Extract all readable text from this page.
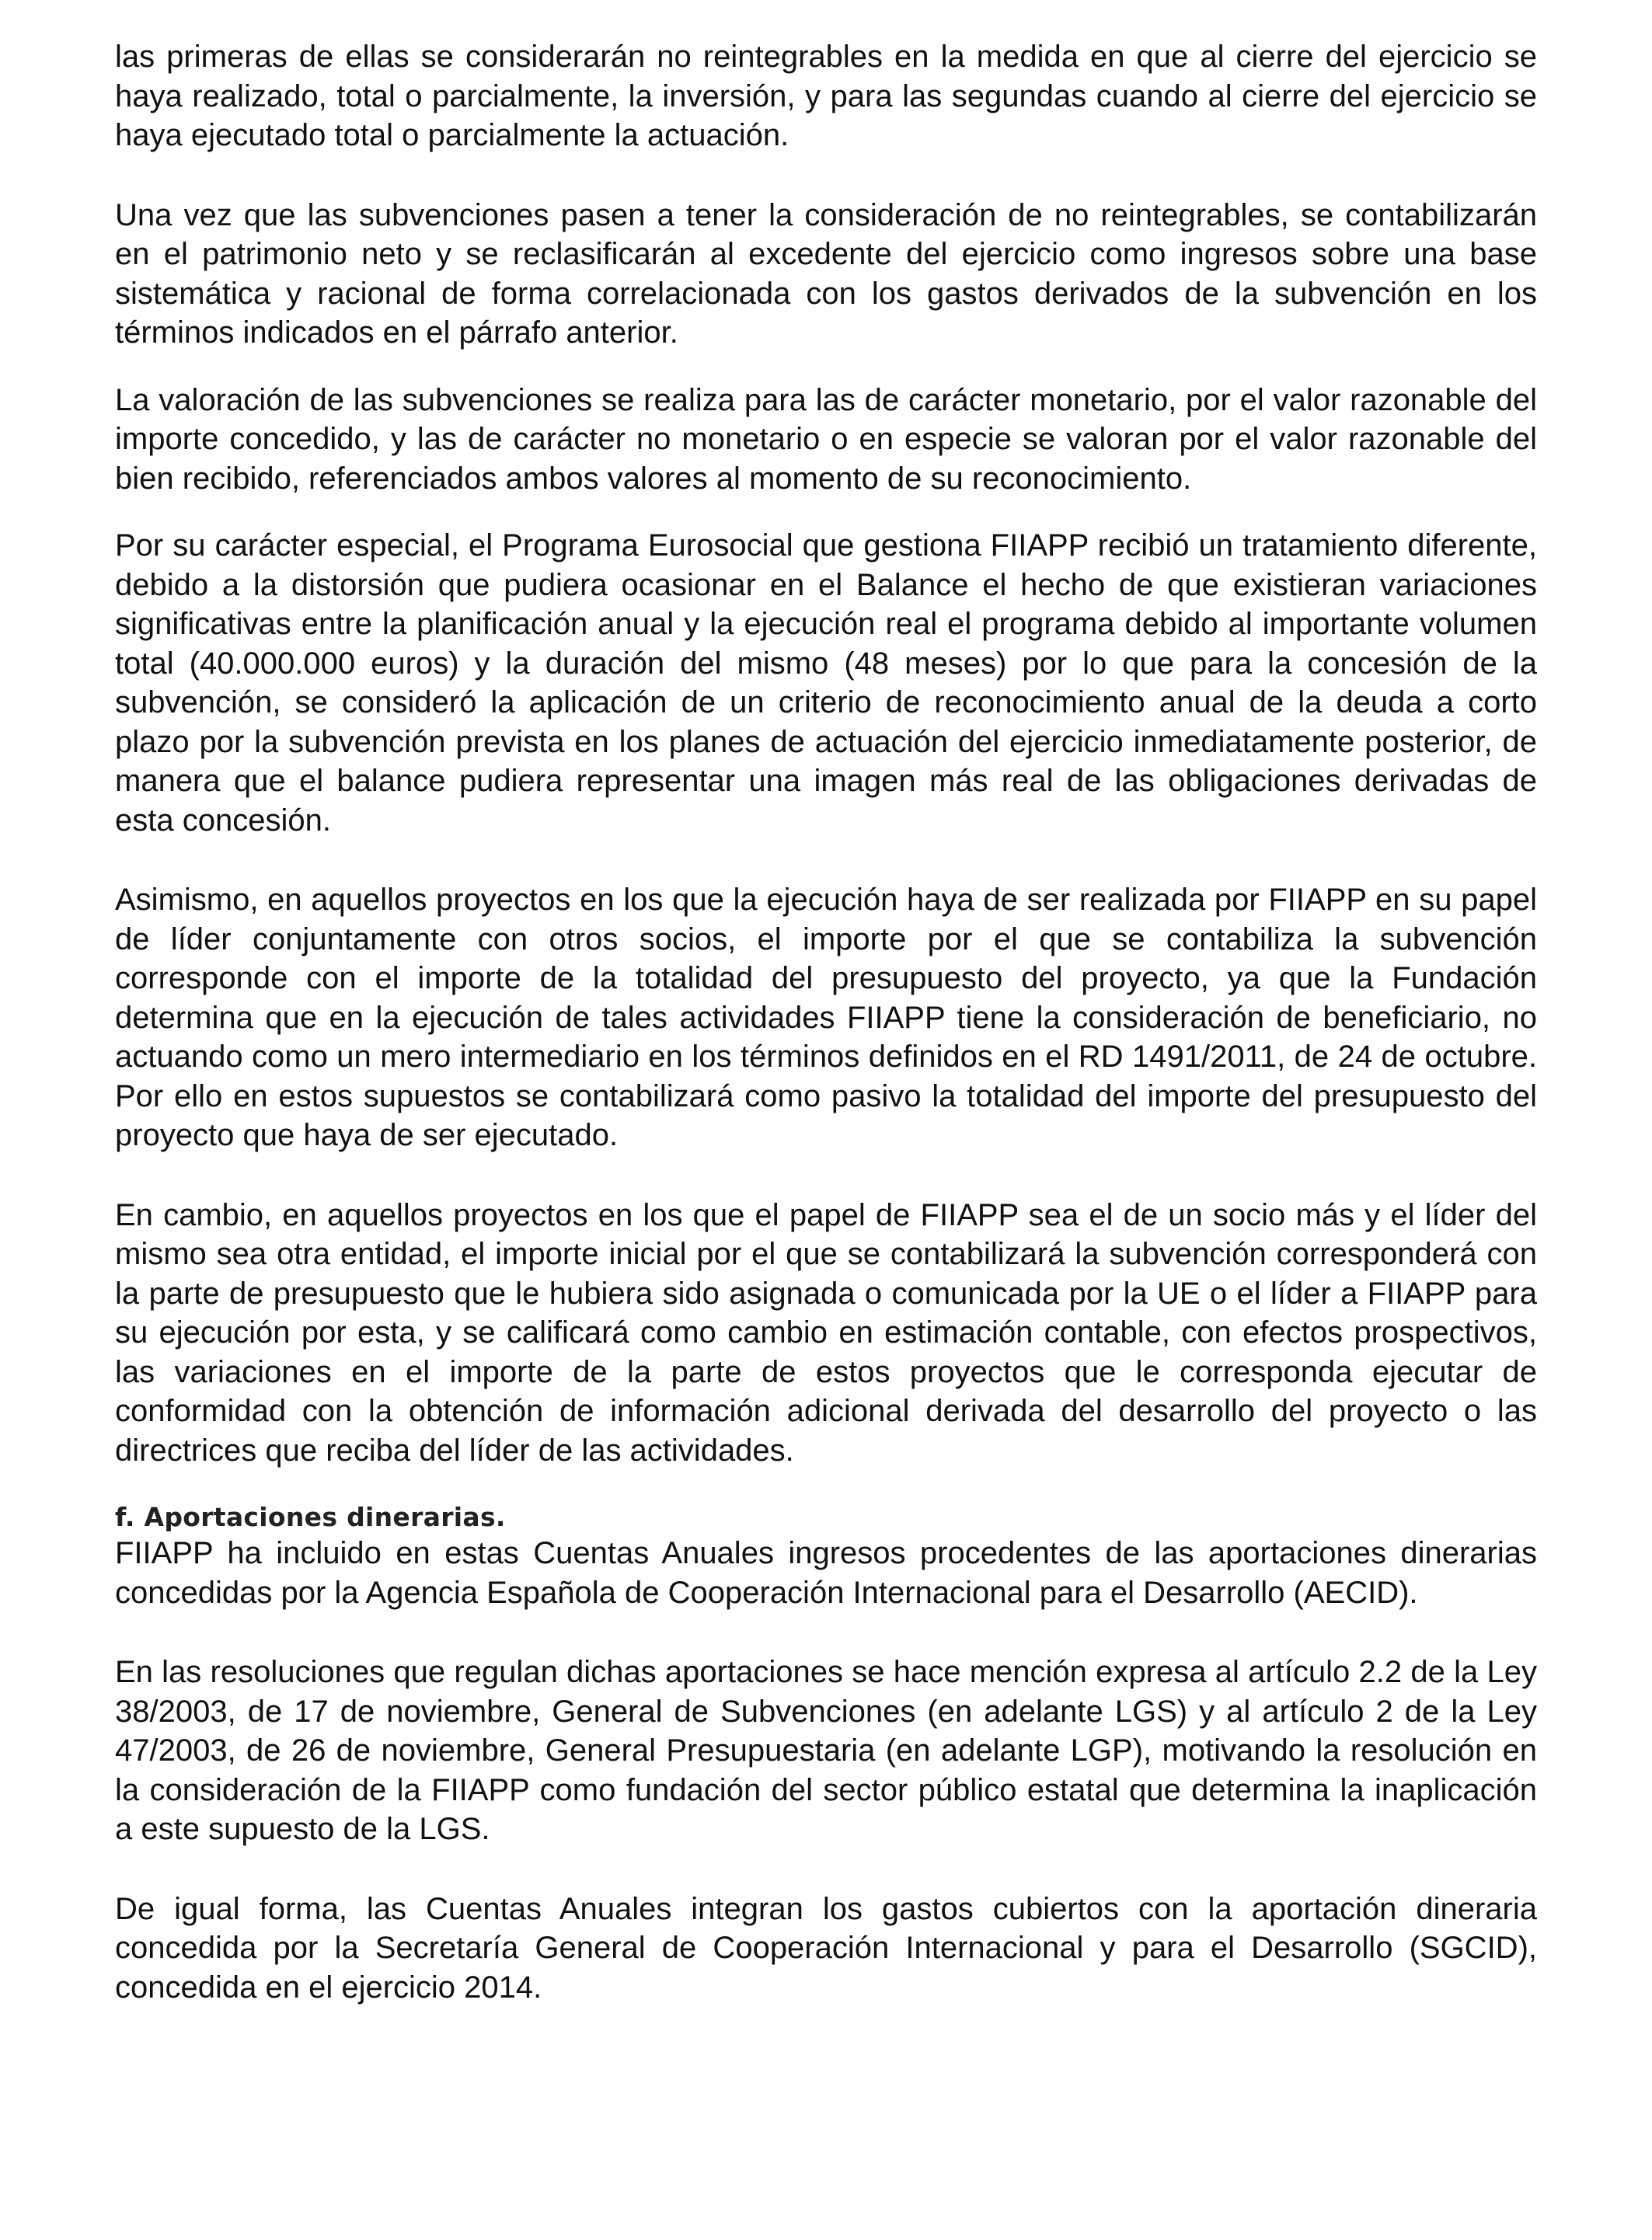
las primeras de ellas se considerarán no reintegrables en la medida en que al cierre del ejercicio se haya realizado, total o parcialmente, la inversión, y para las segundas cuando al cierre del ejercicio se haya ejecutado total o parcialmente la actuación.

Una vez que las subvenciones pasen a tener la consideración de no reintegrables, se contabilizarán en el patrimonio neto y se reclasificarán al excedente del ejercicio como ingresos sobre una base sistemática y racional de forma correlacionada con los gastos derivados de la subvención en los términos indicados en el párrafo anterior.

La valoración de las subvenciones se realiza para las de carácter monetario, por el valor razonable del importe concedido, y las de carácter no monetario o en especie se valoran por el valor razonable del bien recibido, referenciados ambos valores al momento de su reconocimiento.

Por su carácter especial, el Programa Eurosocial que gestiona FIIAPP recibió un tratamiento diferente, debido a la distorsión que pudiera ocasionar en el Balance el hecho de que existieran variaciones significativas entre la planificación anual y la ejecución real el programa debido al importante volumen total (40.000.000 euros) y la duración del mismo (48 meses) por lo que para la concesión de la subvención, se consideró la aplicación de un criterio de reconocimiento anual de la deuda a corto plazo por la subvención prevista en los planes de actuación del ejercicio inmediatamente posterior, de manera que el balance pudiera representar una imagen más real de las obligaciones derivadas de esta concesión.

Asimismo, en aquellos proyectos en los que la ejecución haya de ser realizada por FIIAPP en su papel de líder conjuntamente con otros socios, el importe por el que se contabiliza la subvención corresponde con el importe de la totalidad del presupuesto del proyecto, ya que la Fundación determina que en la ejecución de tales actividades FIIAPP tiene la consideración de beneficiario, no actuando como un mero intermediario en los términos definidos en el RD 1491/2011, de 24 de octubre. Por ello en estos supuestos se contabilizará como pasivo la totalidad del importe del presupuesto del proyecto que haya de ser ejecutado.

En cambio, en aquellos proyectos en los que el papel de FIIAPP sea el de un socio más y el líder del mismo sea otra entidad, el importe inicial por el que se contabilizará la subvención corresponderá con la parte de presupuesto que le hubiera sido asignada o comunicada por la UE o el líder a FIIAPP para su ejecución por esta, y se calificará como cambio en estimación contable, con efectos prospectivos, las variaciones en el importe de la parte de estos proyectos que le corresponda ejecutar de conformidad con la obtención de información adicional derivada del desarrollo del proyecto o las directrices que reciba del líder de las actividades.

f. Aportaciones dinerarias.

FIIAPP ha incluido en estas Cuentas Anuales ingresos procedentes de las aportaciones dinerarias concedidas por la Agencia Española de Cooperación Internacional para el Desarrollo (AECID).

En las resoluciones que regulan dichas aportaciones se hace mención expresa al artículo 2.2 de la Ley 38/2003, de 17 de noviembre, General de Subvenciones (en adelante LGS) y al artículo 2 de la Ley 47/2003, de 26 de noviembre, General Presupuestaria (en adelante LGP), motivando la resolución en la consideración de la FIIAPP como fundación del sector público estatal que determina la inaplicación a este supuesto de la LGS.

De igual forma, las Cuentas Anuales integran los gastos cubiertos con la aportación dineraria concedida por la Secretaría General de Cooperación Internacional y para el Desarrollo (SGCID), concedida en el ejercicio 2014.
